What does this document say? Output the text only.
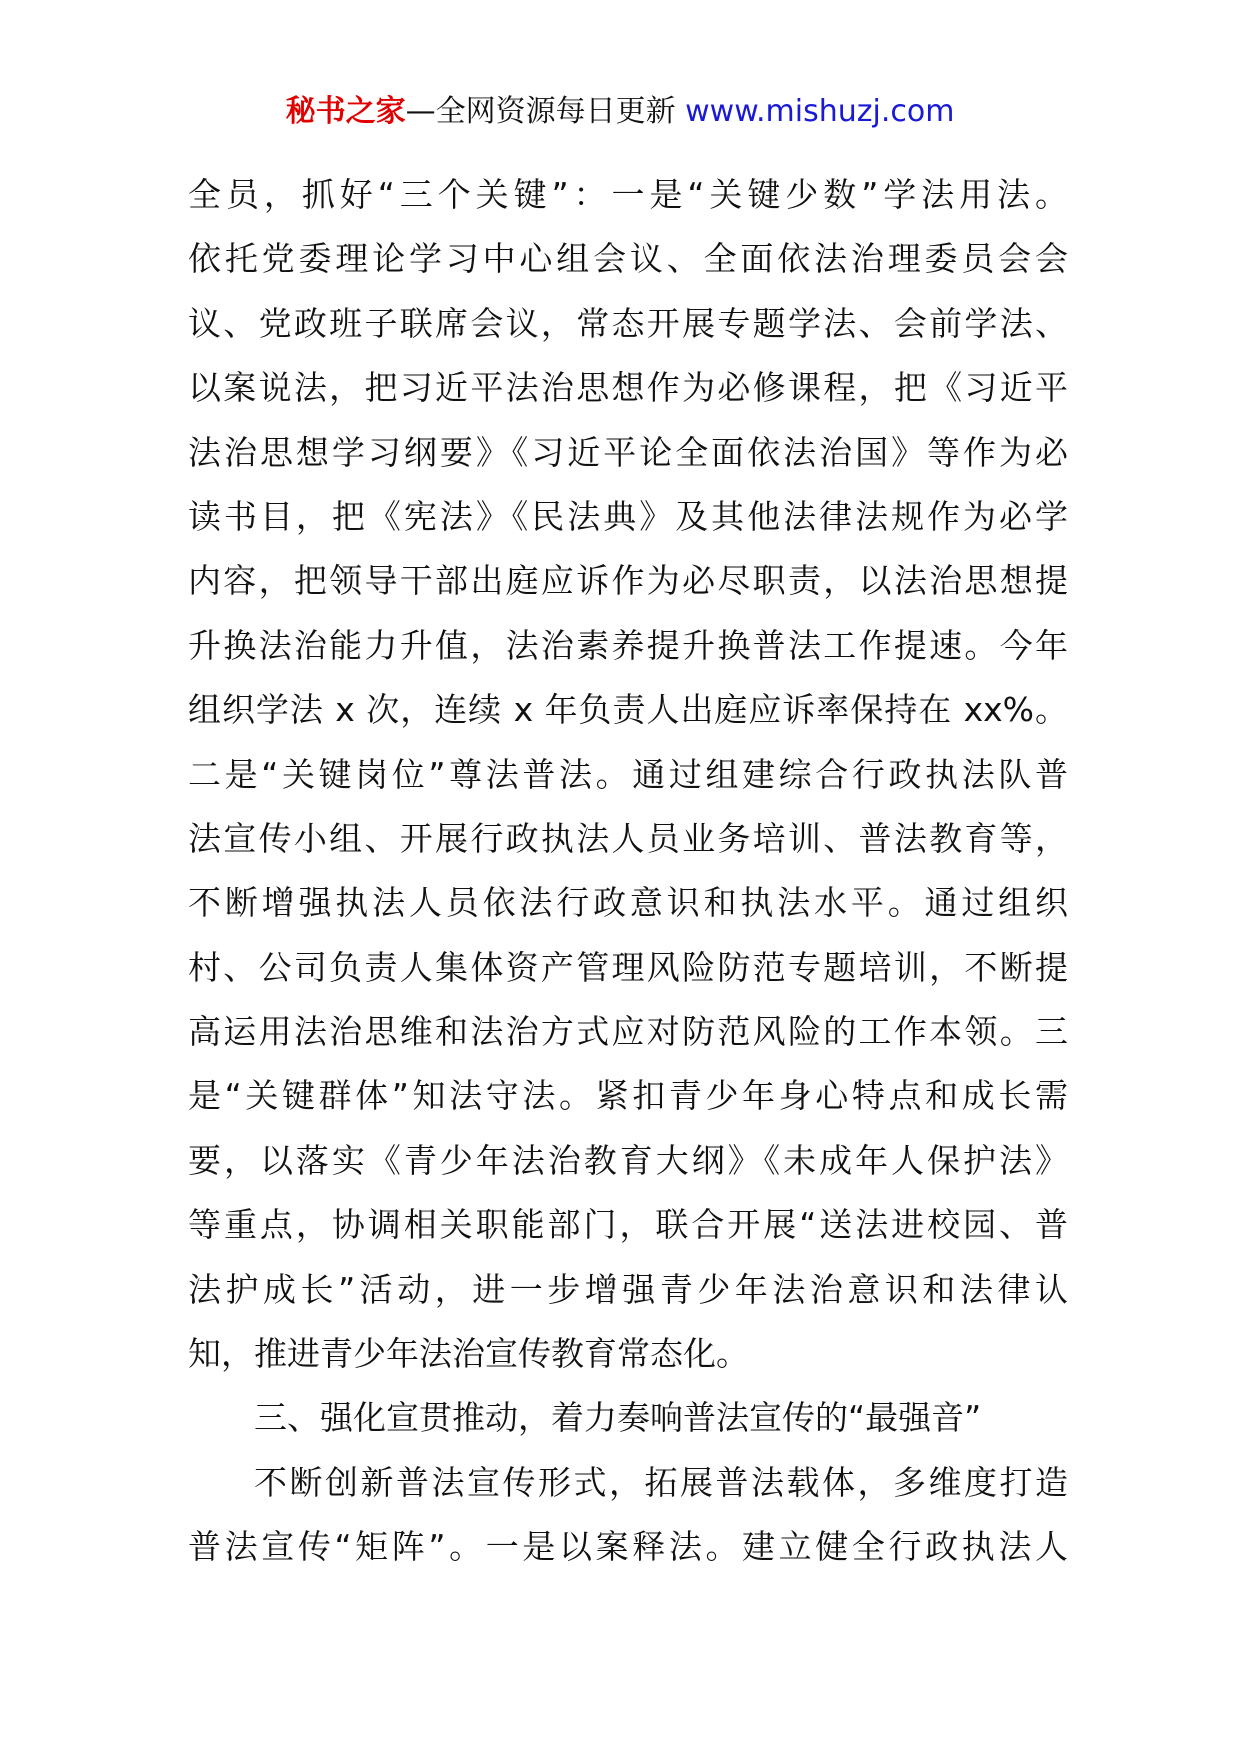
秘书之家—全网资源每日更新 www.mishuzj.com
全员，抓好“三个关键”：一是“关键少数”学法用法。
依托党委理论学习中心组会议、全面依法治理委员会会
议、党政班子联席会议，常态开展专题学法、会前学法、
以案说法，把习近平法治思想作为必修课程，把《习近平
法治思想学习纲要》《习近平论全面依法治国》等作为必
读书目，把《宪法》《民法典》及其他法律法规作为必学
内容，把领导干部出庭应诉作为必尽职责，以法治思想提
升换法治能力升值，法治素养提升换普法工作提速。今年
组织学法 x 次，连续 x 年负责人出庭应诉率保持在 xx%。
二是“关键岗位”尊法普法。通过组建综合行政执法队普
法宣传小组、开展行政执法人员业务培训、普法教育等，
不断增强执法人员依法行政意识和执法水平。通过组织
村、公司负责人集体资产管理风险防范专题培训，不断提
高运用法治思维和法治方式应对防范风险的工作本领。三
是“关键群体”知法守法。紧扣青少年身心特点和成长需
要，以落实《青少年法治教育大纲》《未成年人保护法》
等重点，协调相关职能部门，联合开展“送法进校园、普
法护成长”活动，进一步增强青少年法治意识和法律认
知，推进青少年法治宣传教育常态化。
三、强化宣贯推动，着力奏响普法宣传的“最强音”
不断创新普法宣传形式，拓展普法载体，多维度打造
普法宣传“矩阵”。一是以案释法。建立健全行政执法人
